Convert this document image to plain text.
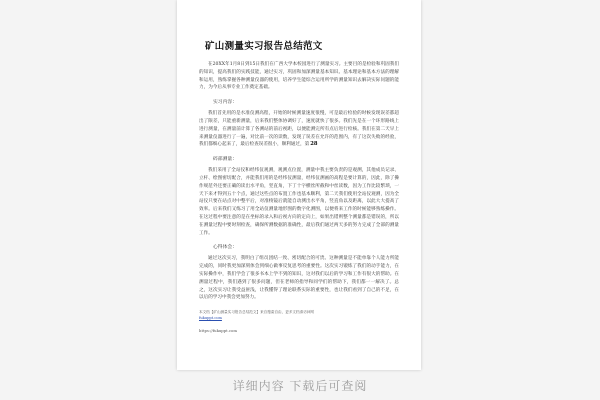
矿山测量实习报告总结范文

在20XX年1月8日到15日我们在广西大学本校园进行了测量实习。主要目的是检验和巩固我们的知识，提高我们的实践技能，通过实习，巩固和加深测量基本知识、基本理论和基本方法的理解和运用，熟练掌握各种测量仪器的使用，培养学生能综合运用所学的测量知识去解决实际问题的能力，为今后从事专业工作奠定基础。

实习内容：

我们首先用的是水准仪测高程，开始的时候测量速度很慢，可是最后检验的时候发现误差都超出了限差，只能重新测量，后来我们整体协调好了，速度就快了很多。我们先是在一个环形路线上进行测量，在测量前计算了各测站的前后视距，以便能测完所有点后进行检核。我们在第二天早上来测量仪器进行了一遍，对比前一次的读数，发现了误差在允许的范围内，有了这次失败的经验，我们都细心起来了，最后检查误差很小，顺利通过，第28

碎部测量：

我们采用了全站仪和经纬仪观测，观测点位置，测量中我主要负责的是观测，其他成员记录、立杆、绘图密切配合，并能我们用的是经纬仪测量，经纬仪测画的高程是要计算的，因此，除了操作规范外还要正确的读出水平角，竖直角，下丁十字横丝所截和中丝读数，因为工作比较繁琐，一天下来才得到五十个点，通过这些点的布置工作也基本顺利，第二天我们使用全站仪观测，因为全站仪只要在站点对中整平后，对准棱镜后就能自动测出水平角，竖直角以及距离，以此大大提高了效率。后来我们又练习了用全站仪测量地形图的数字化测图，以便将来工作的时候能够熟练操作。在这过程中要注意的是在坐标的录入和后视方向的定向上，如果出错则整个测量都是错误的，所以在测量过程中要时刻检查，确保所测数据的准确性，最后我们通过两天多的努力完成了全部的测量工作。

心得体会：

通过这次实习，我明白了组员团结一致、密切配合的可贵。这种测量是不能单靠个人能力所能完成的，同时我更加深刻体会到细心做事反复思考的重要性。这次实习锻炼了我们的动手能力，在实际操作中，我们学会了很多书本上学不到的知识，这对我们以后的学习和工作有很大的帮助。在测量过程中，我们遇到了很多问题，但在老师的指导和同学们的帮助下，我们都一一解决了。总之，这次实习让我受益匪浅，让我懂得了理论联系实际的重要性，也让我们看到了自己的不足，在以后的学习中我会更加努力。

本文档【矿山测量实习报告总结范文】来自搜索自由，更多文档请访问网
fukuppt.com
https://fukuppt.com
详细内容 下载后可查阅
